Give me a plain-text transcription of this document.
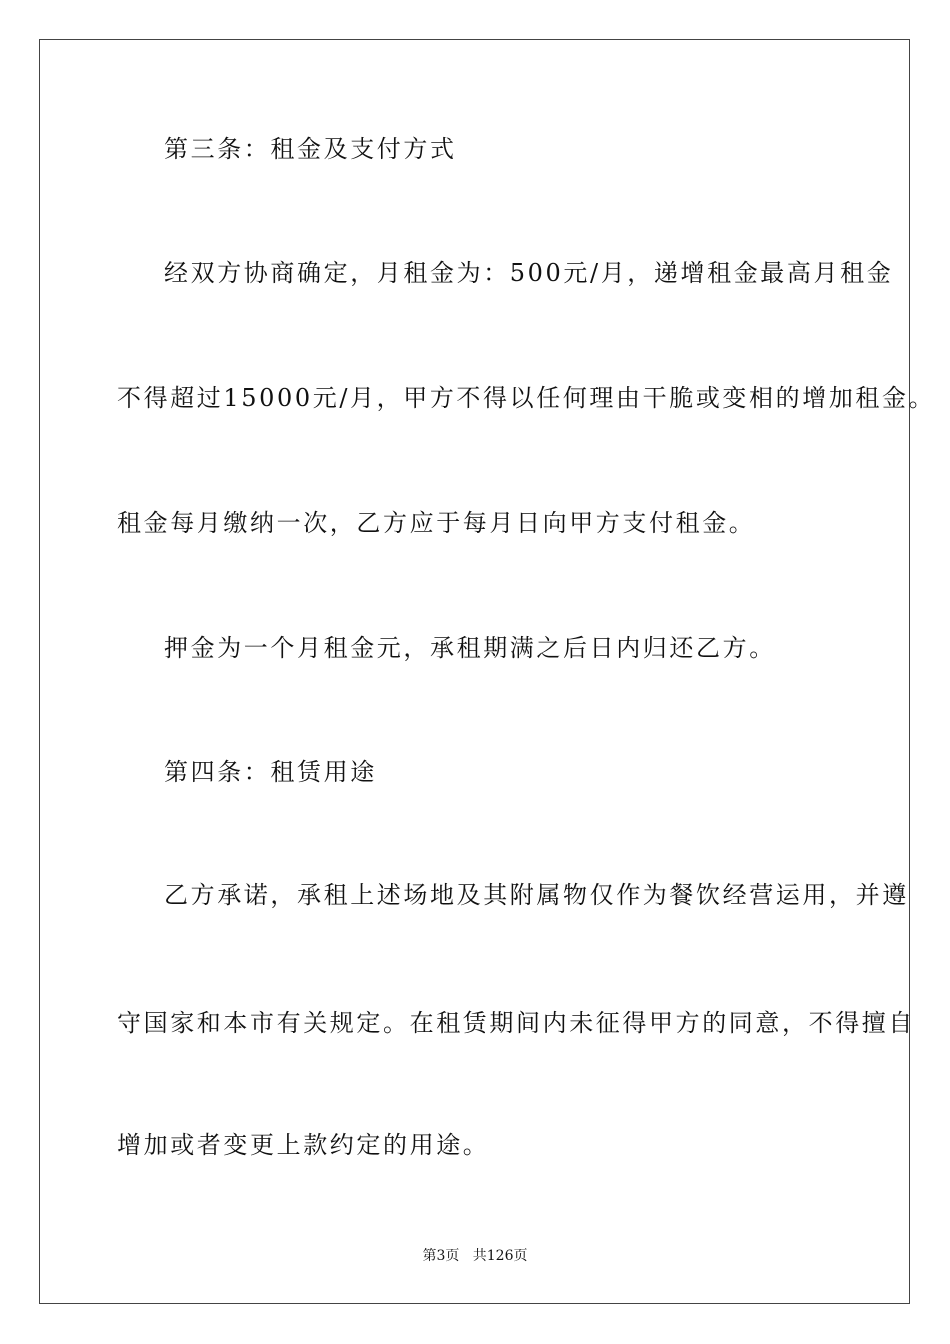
第三条：租金及支付方式
经双方协商确定，月租金为：500元/月，递增租金最高月租金
不得超过15000元/月，甲方不得以任何理由干脆或变相的增加租金。
租金每月缴纳一次，乙方应于每月日向甲方支付租金。
押金为一个月租金元，承租期满之后日内归还乙方。
第四条：租赁用途
乙方承诺，承租上述场地及其附属物仅作为餐饮经营运用，并遵
守国家和本市有关规定。在租赁期间内未征得甲方的同意，不得擅自
增加或者变更上款约定的用途。
第3页 共126页
